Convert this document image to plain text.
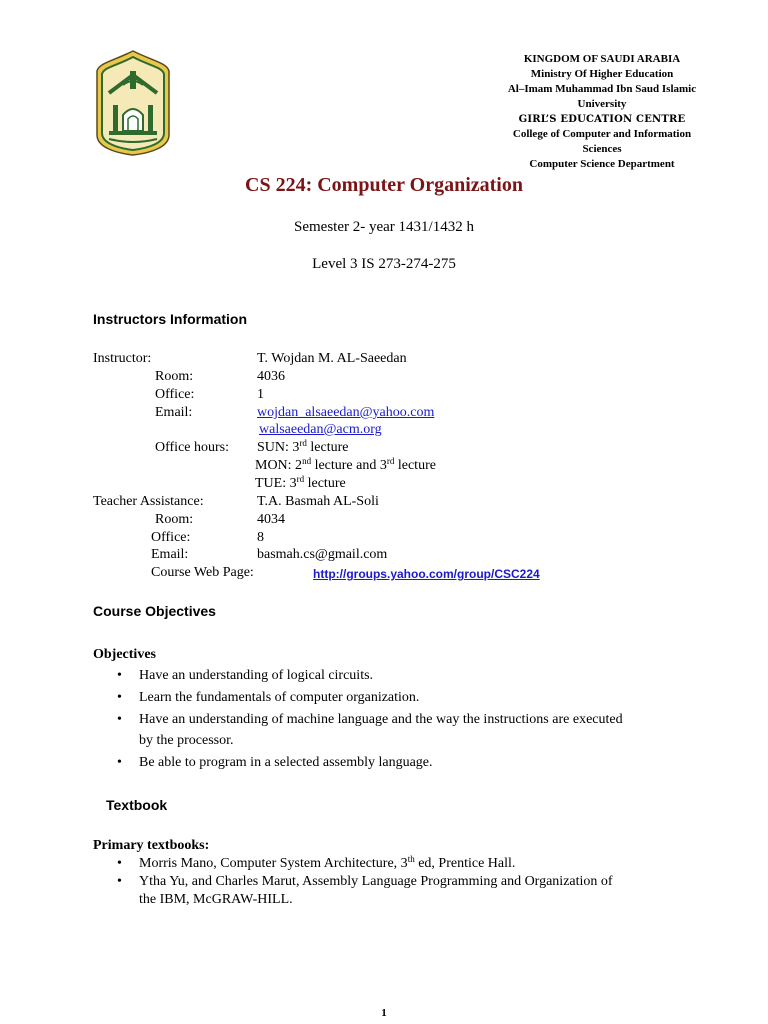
KINGDOM OF SAUDI ARABIA
Ministry Of Higher Education
Al–Imam Muhammad Ibn Saud Islamic
University
GIRL’S EDUCATION CENTRE
College of Computer and Information
Sciences
Computer Science Department
CS 224: Computer Organization
Semester 2- year 1431/1432 h
Level 3 IS 273-274-275
Instructors Information
Instructor:	T. Wojdan M. AL-Saeedan
Room:	4036
Office:	1
Email:	wojdan_alsaeedan@yahoo.com
walsaeedan@acm.org
Office hours: SUN: 3rd lecture
MON: 2nd lecture and 3rd lecture
TUE: 3rd lecture
Teacher Assistance:	T.A. Basmah AL-Soli
Room:	4034
Office:	8
Email:	basmah.cs@gmail.com
Course Web Page:	http://groups.yahoo.com/group/CSC224
Course Objectives
Objectives
• Have an understanding of logical circuits.
• Learn the fundamentals of computer organization.
• Have an understanding of machine language and the way the instructions are executed
by the processor.
• Be able to program in a selected assembly language.
Textbook
Primary textbooks:
• Morris Mano, Computer System Architecture, 3th ed, Prentice Hall.
• Ytha Yu, and Charles Marut, Assembly Language Programming and Organization of
the IBM, McGRAW-HILL.
1
